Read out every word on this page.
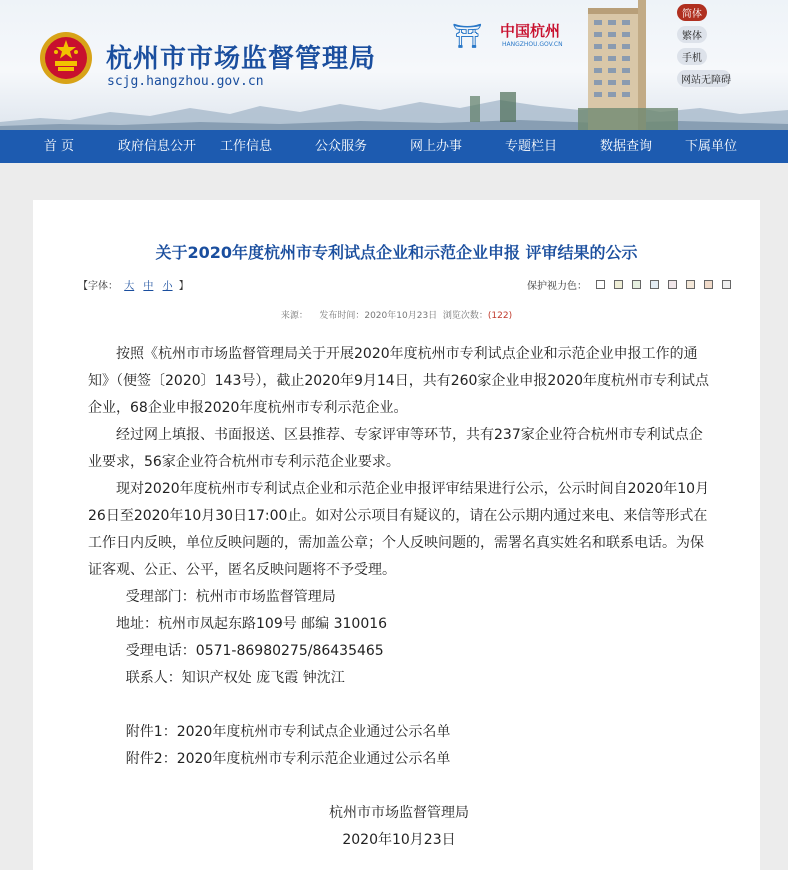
杭州市市场监督管理局
scjg.hangzhou.gov.cn
⛩ 中国杭州
HANGZHOU.GOV.CN
简体
繁体
手机
网站无障碍
首 页	政府信息公开	工作信息	公众服务	网上办事	专题栏目	数据查询	下属单位
关于2020年度杭州市专利试点企业和示范企业申报 评审结果的公示
【字体： 大 中 小 】	保护视力色：
来源： 发布时间：2020年10月23日 浏览次数：(122)

按照《杭州市市场监督管理局关于开展2020年度杭州市专利试点企业和示范企业申报工作的通知》（便签〔2020〕143号），截止2020年9月14日，共有260家企业申报2020年度杭州市专利试点企业，68企业申报2020年度杭州市专利示范企业。

经过网上填报、书面报送、区县推荐、专家评审等环节，共有237家企业符合杭州市专利试点企业要求，56家企业符合杭州市专利示范企业要求。

现对2020年度杭州市专利试点企业和示范企业申报评审结果进行公示，公示时间自2020年10月26日至2020年10月30日17:00止。如对公示项目有疑议的，请在公示期内通过来电、来信等形式在工作日内反映，单位反映问题的，需加盖公章；个人反映问题的，需署名真实姓名和联系电话。为保证客观、公正、公平，匿名反映问题将不予受理。

受理部门：杭州市市场监督管理局

地址：杭州市凤起东路109号 邮编 310016

受理电话：0571-86980275/86435465

联系人：知识产权处 庞飞霞 钟沈江

附件1：2020年度杭州市专利试点企业通过公示名单

附件2：2020年度杭州市专利示范企业通过公示名单

杭州市市场监督管理局

2020年10月23日
